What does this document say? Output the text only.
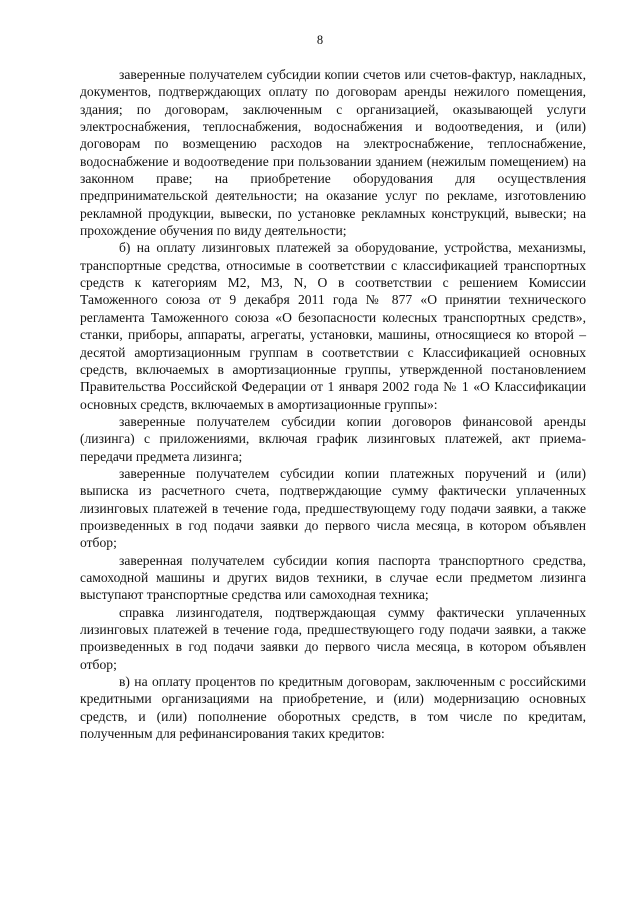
8

заверенные получателем субсидии копии счетов или счетов-фактур, накладных, документов, подтверждающих оплату по договорам аренды нежилого помещения, здания; по договорам, заключенным с организацией, оказывающей услуги электроснабжения, теплоснабжения, водоснабжения и водоотведения, и (или) договорам по возмещению расходов на электроснабжение, теплоснабжение, водоснабжение и водоотведение при пользовании зданием (нежилым помещением) на законном праве; на приобретение оборудования для осуществления предпринимательской деятельности; на оказание услуг по рекламе, изготовлению рекламной продукции, вывески, по установке рекламных конструкций, вывески; на прохождение обучения по виду деятельности;

б) на оплату лизинговых платежей за оборудование, устройства, механизмы, транспортные средства, относимые в соответствии с классификацией транспортных средств к категориям М2, М3, N, O в соответствии с решением Комиссии Таможенного союза от 9 декабря 2011 года № 877 «О принятии технического регламента Таможенного союза «О безопасности колесных транспортных средств», станки, приборы, аппараты, агрегаты, установки, машины, относящиеся ко второй – десятой амортизационным группам в соответствии с Классификацией основных средств, включаемых в амортизационные группы, утвержденной постановлением Правительства Российской Федерации от 1 января 2002 года № 1 «О Классификации основных средств, включаемых в амортизационные группы»:

заверенные получателем субсидии копии договоров финансовой аренды (лизинга) с приложениями, включая график лизинговых платежей, акт приема-передачи предмета лизинга;

заверенные получателем субсидии копии платежных поручений и (или) выписка из расчетного счета, подтверждающие сумму фактически уплаченных лизинговых платежей в течение года, предшествующему году подачи заявки, а также произведенных в год подачи заявки до первого числа месяца, в котором объявлен отбор;

заверенная получателем субсидии копия паспорта транспортного средства, самоходной машины и других видов техники, в случае если предметом лизинга выступают транспортные средства или самоходная техника;

справка лизингодателя, подтверждающая сумму фактически уплаченных лизинговых платежей в течение года, предшествующего году подачи заявки, а также произведенных в год подачи заявки до первого числа месяца, в котором объявлен отбор;

в) на оплату процентов по кредитным договорам, заключенным с российскими кредитными организациями на приобретение, и (или) модернизацию основных средств, и (или) пополнение оборотных средств, в том числе по кредитам, полученным для рефинансирования таких кредитов:
